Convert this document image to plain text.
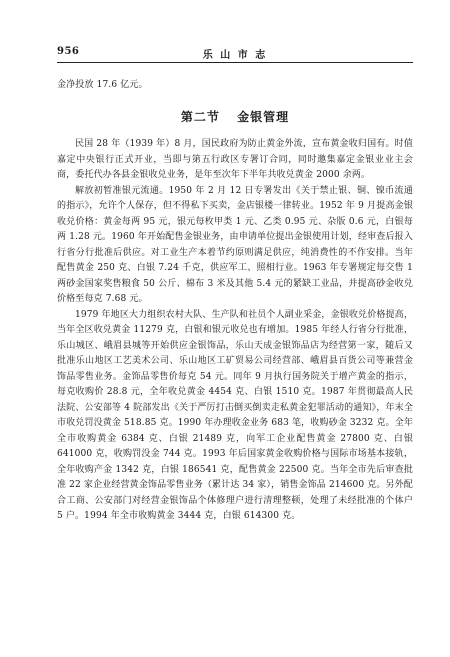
956	乐 山 市 志

金净投放 17.6 亿元。

第二节 金银管理

民国 28 年（1939 年）8 月，国民政府为防止黄金外流，宣布黄金收归国有。时值嘉定中央银行正式开业，当即与第五行政区专署订合同，同时邀集嘉定金银业业主会商，委托代办各县金银收兑业务，是年至次年下半年共收兑黄金 2000 余两。

解放初暂准银元流通。1950 年 2 月 12 日专署发出《关于禁止银、铜、镍币流通的指示》，允许个人保存，但不得私下买卖，金店银楼一律转业。1952 年 9 月提高金银收兑价格：黄金每两 95 元，银元每枚甲类 1 元、乙类 0.95 元、杂版 0.6 元，白银每两 1.28 元。1960 年开始配售金银业务，由申请单位提出金银使用计划，经审查后报入行省分行批准后供应。对工业生产本着节约原则满足供应，纯消费性的不作安排。当年配售黄金 250 克、白银 7.24 千克，供应军工、照相行业。1963 年专署规定每交售 1 两砂金国家奖售粮食 50 公斤、棉布 3 米及其他 5.4 元的紧缺工业品，并提高砂金收兑价格至每克 7.68 元。

1979 年地区大力组织农村大队、生产队和社员个人副业采金，金银收兑价格提高，当年全区收兑黄金 11279 克，白银和银元收兑也有增加。1985 年经人行省分行批准，乐山城区、峨眉县城等开始供应金银饰品，乐山天成金银饰品店为经营第一家，随后又批准乐山地区工艺美术公司、乐山地区工矿贸易公司经营部、峨眉县百货公司等兼营金饰品零售业务。金饰品零售价每克 54 元。同年 9 月执行国务院关于增产黄金的指示，每克收购价 28.8 元，全年收兑黄金 4454 克、白银 1510 克。1987 年贯彻最高人民法院、公安部等 4 院部发出《关于严厉打击倒买倒卖走私黄金犯罪活动的通知》，年末全市收兑罚没黄金 518.85 克。1990 年办理收金业务 683 笔，收购砂金 3232 克。全年全市收购黄金 6384 克、白银 21489 克，向军工企业配售黄金 27800 克、白银 641000 克，收购罚没金 744 克。1993 年后国家黄金收购价格与国际市场基本接轨，全年收购产金 1342 克，白银 186541 克，配售黄金 22500 克。当年全市先后审查批准 22 家企业经营黄金饰品零售业务（累计达 34 家），销售金饰品 214600 克。另外配合工商、公安部门对经营金银饰品个体修理户进行清理整顿，处理了未经批准的个体户 5 户。1994 年全市收购黄金 3444 克，白银 614300 克。
